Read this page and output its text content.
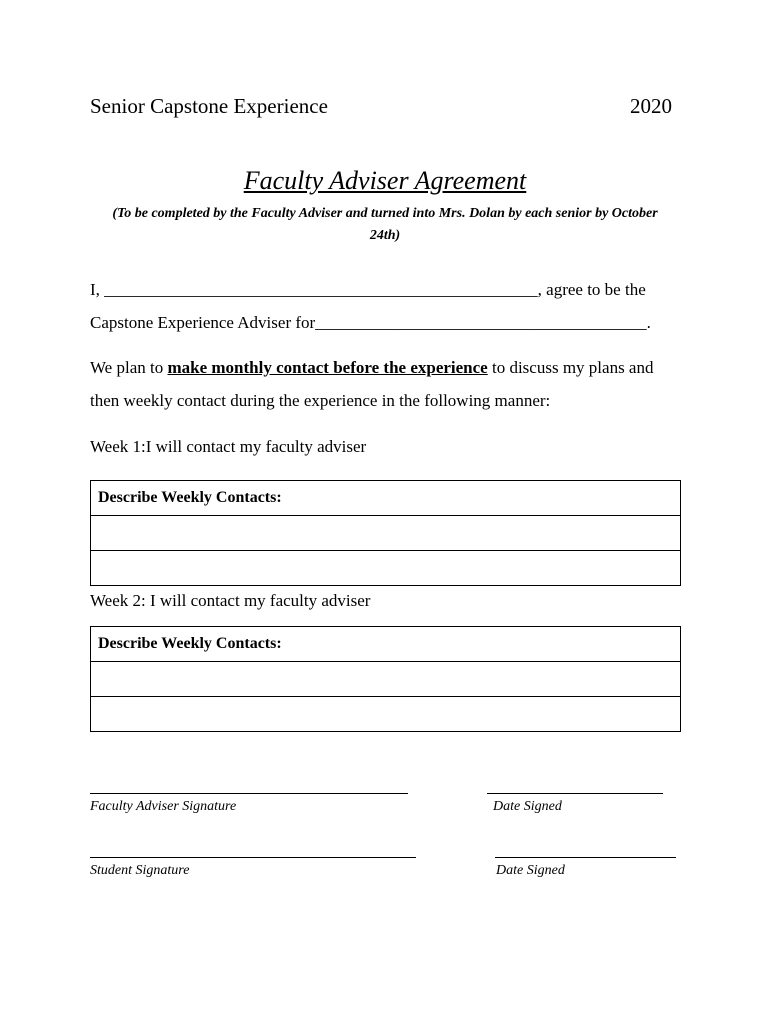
Senior Capstone Experience	2020
Faculty Adviser Agreement
(To be completed by the Faculty Adviser and turned into Mrs. Dolan by each senior by October 24th)
I, ___________________________________________________, agree to be the
Capstone Experience Adviser for_______________________________________.
We plan to make monthly contact before the experience to discuss my plans and
then weekly contact during the experience in the following manner:
Week 1:I will contact my faculty adviser
Describe Weekly Contacts:

Week 2: I will contact my faculty adviser
Describe Weekly Contacts:

Faculty Adviser Signature	Date Signed
Student Signature	Date Signed
